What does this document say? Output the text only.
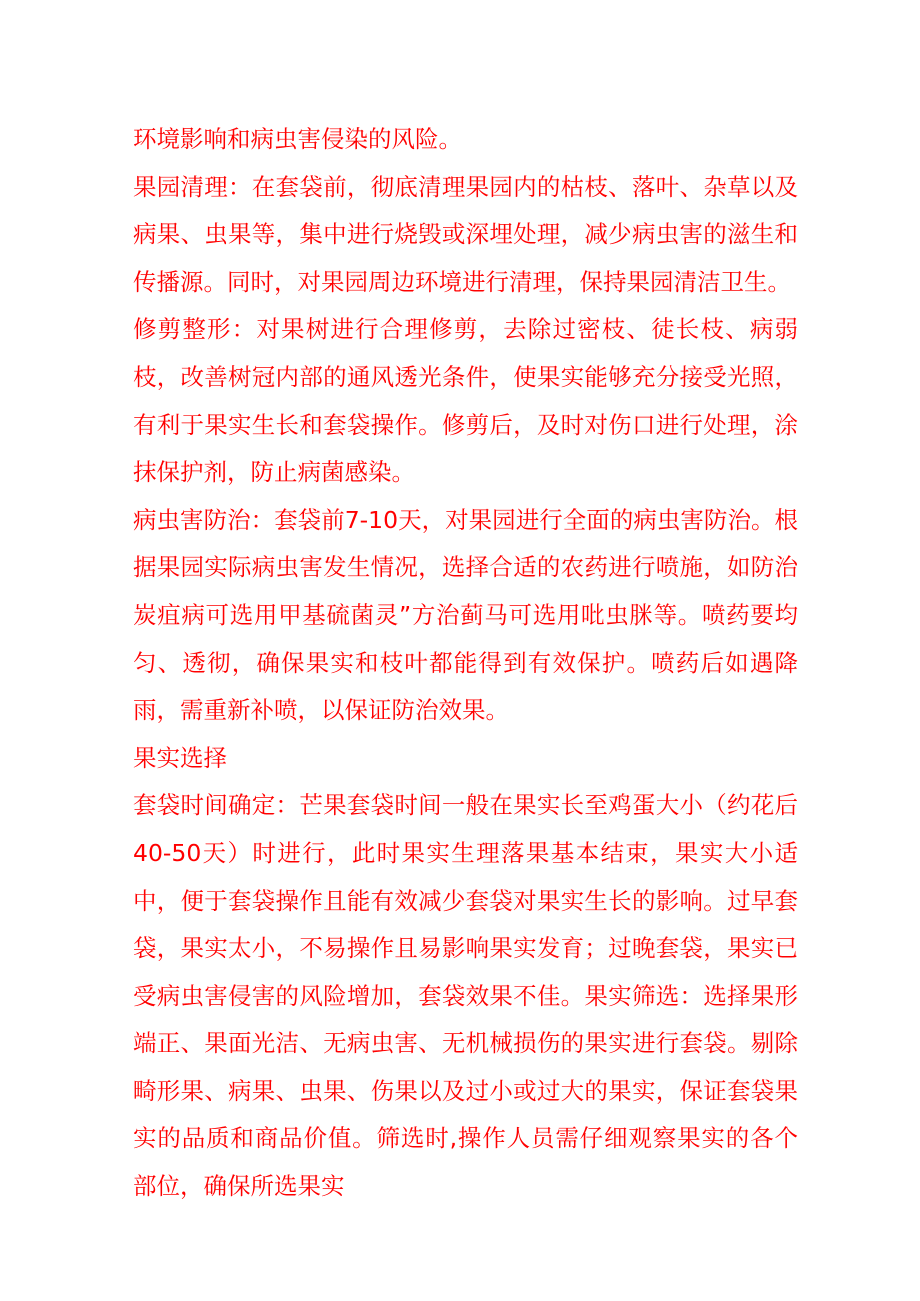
环境影响和病虫害侵染的风险。

果园清理：在套袋前，彻底清理果园内的枯枝、落叶、杂草以及病果、虫果等，集中进行烧毁或深埋处理，减少病虫害的滋生和传播源。同时，对果园周边环境进行清理，保持果园清洁卫生。

修剪整形：对果树进行合理修剪，去除过密枝、徒长枝、病弱枝，改善树冠内部的通风透光条件，使果实能够充分接受光照，有利于果实生长和套袋操作。修剪后，及时对伤口进行处理，涂抹保护剂，防止病菌感染。

病虫害防治：套袋前7-10天，对果园进行全面的病虫害防治。根据果园实际病虫害发生情况，选择合适的农药进行喷施，如防治炭疽病可选用甲基硫菌灵”方治蓟马可选用吡虫脒等。喷药要均匀、透彻，确保果实和枝叶都能得到有效保护。喷药后如遇降雨，需重新补喷，以保证防治效果。

果实选择

套袋时间确定：芒果套袋时间一般在果实长至鸡蛋大小（约花后40-50天）时进行，此时果实生理落果基本结束，果实大小适中，便于套袋操作且能有效减少套袋对果实生长的影响。过早套袋，果实太小，不易操作且易影响果实发育；过晚套袋，果实已受病虫害侵害的风险增加，套袋效果不佳。果实筛选：选择果形端正、果面光洁、无病虫害、无机械损伤的果实进行套袋。剔除畸形果、病果、虫果、伤果以及过小或过大的果实，保证套袋果实的品质和商品价值。筛选时,操作人员需仔细观察果实的各个部位，确保所选果实
